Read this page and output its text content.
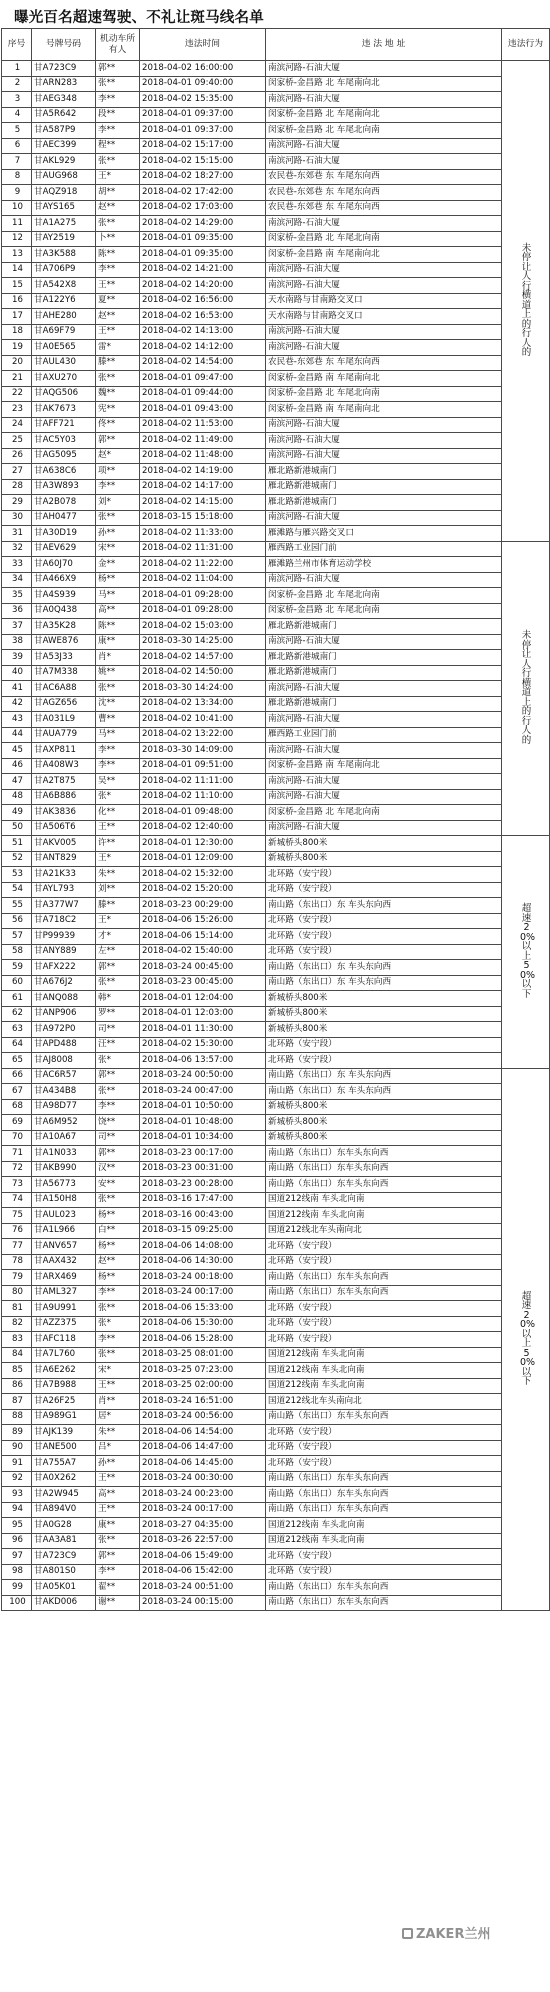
曝光百名超速驾驶、不礼让斑马线名单
序号	号牌号码	机动车所有人	违法时间	违 法 地 址	违法行为
1	甘A723C9	郭**	2018-04-02 16:00:00	南滨河路-石油大厦	未停让人行横道上的行人的
2	甘ARN283	张**	2018-04-01 09:40:00	闵家桥-金昌路 北 车尾南向北	
3	甘AEG348	李**	2018-04-02 15:35:00	南滨河路-石油大厦	
4	甘A5R642	段**	2018-04-01 09:37:00	闵家桥-金昌路 北 车尾南向北	
5	甘A587P9	李**	2018-04-01 09:37:00	闵家桥-金昌路 北 车尾北向南	
6	甘AEC399	程**	2018-04-02 15:17:00	南滨河路-石油大厦	
7	甘AKL929	张**	2018-04-02 15:15:00	南滨河路-石油大厦	
8	甘AUG968	王*	2018-04-02 18:27:00	农民巷-东郊巷 东 车尾东向西	
9	甘AQZ918	胡**	2018-04-02 17:42:00	农民巷-东郊巷 东 车尾东向西	
10	甘AYS165	赵**	2018-04-02 17:03:00	农民巷-东郊巷 东 车尾东向西	
11	甘A1A275	张**	2018-04-02 14:29:00	南滨河路-石油大厦	
12	甘AY2519	卜**	2018-04-01 09:35:00	闵家桥-金昌路 北 车尾北向南	
13	甘A3K588	陈**	2018-04-01 09:35:00	闵家桥-金昌路 南 车尾南向北	
14	甘A706P9	李**	2018-04-02 14:21:00	南滨河路-石油大厦	
15	甘A542X8	王**	2018-04-02 14:20:00	南滨河路-石油大厦	
16	甘A122Y6	夏**	2018-04-02 16:56:00	天水南路与甘南路交叉口	
17	甘AHE280	赵**	2018-04-02 16:53:00	天水南路与甘南路交叉口	
18	甘A69F79	王**	2018-04-02 14:13:00	南滨河路-石油大厦	
19	甘A0E565	雷*	2018-04-02 14:12:00	南滨河路-石油大厦	
20	甘AUL430	滕**	2018-04-02 14:54:00	农民巷-东郊巷 东 车尾东向西	
21	甘AXU270	张**	2018-04-01 09:47:00	闵家桥-金昌路 南 车尾南向北	
22	甘AQG506	魏**	2018-04-01 09:44:00	闵家桥-金昌路 北 车尾北向南	
23	甘AK7673	宪**	2018-04-01 09:43:00	闵家桥-金昌路 南 车尾南向北	
24	甘AFF721	佟**	2018-04-02 11:53:00	南滨河路-石油大厦	
25	甘AC5Y03	郭**	2018-04-02 11:49:00	南滨河路-石油大厦	
26	甘AG5095	赵*	2018-04-02 11:48:00	南滨河路-石油大厦	
27	甘A638C6	项**	2018-04-02 14:19:00	雁北路新港城南门	
28	甘A3W893	李**	2018-04-02 14:17:00	雁北路新港城南门	
29	甘A2B078	刘*	2018-04-02 14:15:00	雁北路新港城南门	
30	甘AH0477	张**	2018-03-15 15:18:00	南滨河路-石油大厦	
31	甘A30D19	孙**	2018-04-02 11:33:00	雁滩路与雁兴路交叉口	
32	甘AEV629	宋**	2018-04-02 11:31:00	雁西路工业园门前	未停让人行横道上的行人的
33	甘A60J70	金**	2018-04-02 11:22:00	雁滩路兰州市体育运动学校	
34	甘A466X9	杨**	2018-04-02 11:04:00	南滨河路-石油大厦	
35	甘A4S939	马**	2018-04-01 09:28:00	闵家桥-金昌路 北 车尾北向南	
36	甘A0Q438	高**	2018-04-01 09:28:00	闵家桥-金昌路 北 车尾北向南	
37	甘A35K28	陈**	2018-04-02 15:03:00	雁北路新港城南门	
38	甘AWE876	康**	2018-03-30 14:25:00	南滨河路-石油大厦	
39	甘A53J33	肖*	2018-04-02 14:57:00	雁北路新港城南门	
40	甘A7M338	姚**	2018-04-02 14:50:00	雁北路新港城南门	
41	甘AC6A88	张**	2018-03-30 14:24:00	南滨河路-石油大厦	
42	甘AGZ656	沈**	2018-04-02 13:34:00	雁北路新港城南门	
43	甘A031L9	曹**	2018-04-02 10:41:00	南滨河路-石油大厦	
44	甘AUA779	马**	2018-04-02 13:22:00	雁西路工业园门前	
45	甘AXP811	李**	2018-03-30 14:09:00	南滨河路-石油大厦	
46	甘A408W3	李**	2018-04-01 09:51:00	闵家桥-金昌路 南 车尾南向北	
47	甘A2T875	吴**	2018-04-02 11:11:00	南滨河路-石油大厦	
48	甘A6B886	张*	2018-04-02 11:10:00	南滨河路-石油大厦	
49	甘AK3836	化**	2018-04-01 09:48:00	闵家桥-金昌路 北 车尾北向南	
50	甘A506T6	王**	2018-04-02 12:40:00	南滨河路-石油大厦	
51	甘AKV005	许**	2018-04-01 12:30:00	新城桥头800米	超速20%以上50%以下
52	甘ANT829	王*	2018-04-01 12:09:00	新城桥头800米	
53	甘A21K33	朱**	2018-04-02 15:32:00	北环路（安宁段）	
54	甘AYL793	刘**	2018-04-02 15:20:00	北环路（安宁段）	
55	甘A377W7	滕**	2018-03-23 00:29:00	南山路（东出口）东 车头东向西	
56	甘A718C2	王*	2018-04-06 15:26:00	北环路（安宁段）	
57	甘P99939	才*	2018-04-06 15:14:00	北环路（安宁段）	
58	甘ANY889	左**	2018-04-02 15:40:00	北环路（安宁段）	
59	甘AFX222	郭**	2018-03-24 00:45:00	南山路（东出口）东 车头东向西	
60	甘A676J2	张**	2018-03-23 00:45:00	南山路（东出口）东 车头东向西	
61	甘ANQ088	韩*	2018-04-01 12:04:00	新城桥头800米	
62	甘ANP906	罗**	2018-04-01 12:03:00	新城桥头800米	
63	甘A972P0	司**	2018-04-01 11:30:00	新城桥头800米	
64	甘APD488	汪**	2018-04-02 15:30:00	北环路（安宁段）	
65	甘AJ8008	张*	2018-04-06 13:57:00	北环路（安宁段）	
66	甘AC6R57	郭**	2018-03-24 00:50:00	南山路（东出口）东 车头东向西	超速20%以上50%以下
67	甘A434B8	张**	2018-03-24 00:47:00	南山路（东出口）东 车头东向西	
68	甘A98D77	李**	2018-04-01 10:50:00	新城桥头800米	
69	甘A6M952	饶**	2018-04-01 10:48:00	新城桥头800米	
70	甘A10A67	司**	2018-04-01 10:34:00	新城桥头800米	
71	甘A1N033	郭**	2018-03-23 00:17:00	南山路（东出口）东车头东向西	
72	甘AKB990	汉**	2018-03-23 00:31:00	南山路（东出口）东车头东向西	
73	甘A56773	安**	2018-03-23 00:28:00	南山路（东出口）东车头东向西	
74	甘A150H8	张**	2018-03-16 17:47:00	国道212线南 车头北向南	
75	甘AUL023	杨**	2018-03-16 00:43:00	国道212线南 车头北向南	
76	甘A1L966	白**	2018-03-15 09:25:00	国道212线北车头南向北	
77	甘ANV657	杨**	2018-04-06 14:08:00	北环路（安宁段）	
78	甘AAX432	赵**	2018-04-06 14:30:00	北环路（安宁段）	
79	甘ARX469	杨**	2018-03-24 00:18:00	南山路（东出口）东车头东向西	
80	甘AML327	李**	2018-03-24 00:17:00	南山路（东出口）东车头东向西	
81	甘A9U991	张**	2018-04-06 15:33:00	北环路（安宁段）	
82	甘AZZ375	张*	2018-04-06 15:30:00	北环路（安宁段）	
83	甘AFC118	李**	2018-04-06 15:28:00	北环路（安宁段）	
84	甘A7L760	张**	2018-03-25 08:01:00	国道212线南 车头北向南	
85	甘A6E262	宋*	2018-03-25 07:23:00	国道212线南 车头北向南	
86	甘A7B988	王**	2018-03-25 02:00:00	国道212线南 车头北向南	
87	甘A26F25	肖**	2018-03-24 16:51:00	国道212线北车头南向北	
88	甘A989G1	居*	2018-03-24 00:56:00	南山路（东出口）东车头东向西	
89	甘AJK139	朱**	2018-04-06 14:54:00	北环路（安宁段）	
90	甘ANE500	吕*	2018-04-06 14:47:00	北环路（安宁段）	
91	甘A755A7	孙**	2018-04-06 14:45:00	北环路（安宁段）	
92	甘A0X262	王**	2018-03-24 00:30:00	南山路（东出口）东车头东向西	
93	甘A2W945	高**	2018-03-24 00:23:00	南山路（东出口）东车头东向西	
94	甘A894V0	王**	2018-03-24 00:17:00	南山路（东出口）东车头东向西	
95	甘A0G28	康**	2018-03-27 04:35:00	国道212线南 车头北向南	
96	甘AA3A81	张**	2018-03-26 22:57:00	国道212线南 车头北向南	
97	甘A723C9	郭**	2018-04-06 15:49:00	北环路（安宁段）	
98	甘A801S0	李**	2018-04-06 15:42:00	北环路（安宁段）	
99	甘A05K01	翟**	2018-03-24 00:51:00	南山路（东出口）东车头东向西	
100	甘AKD006	谢**	2018-03-24 00:15:00	南山路（东出口）东车头东向西	
ZAKER兰州
